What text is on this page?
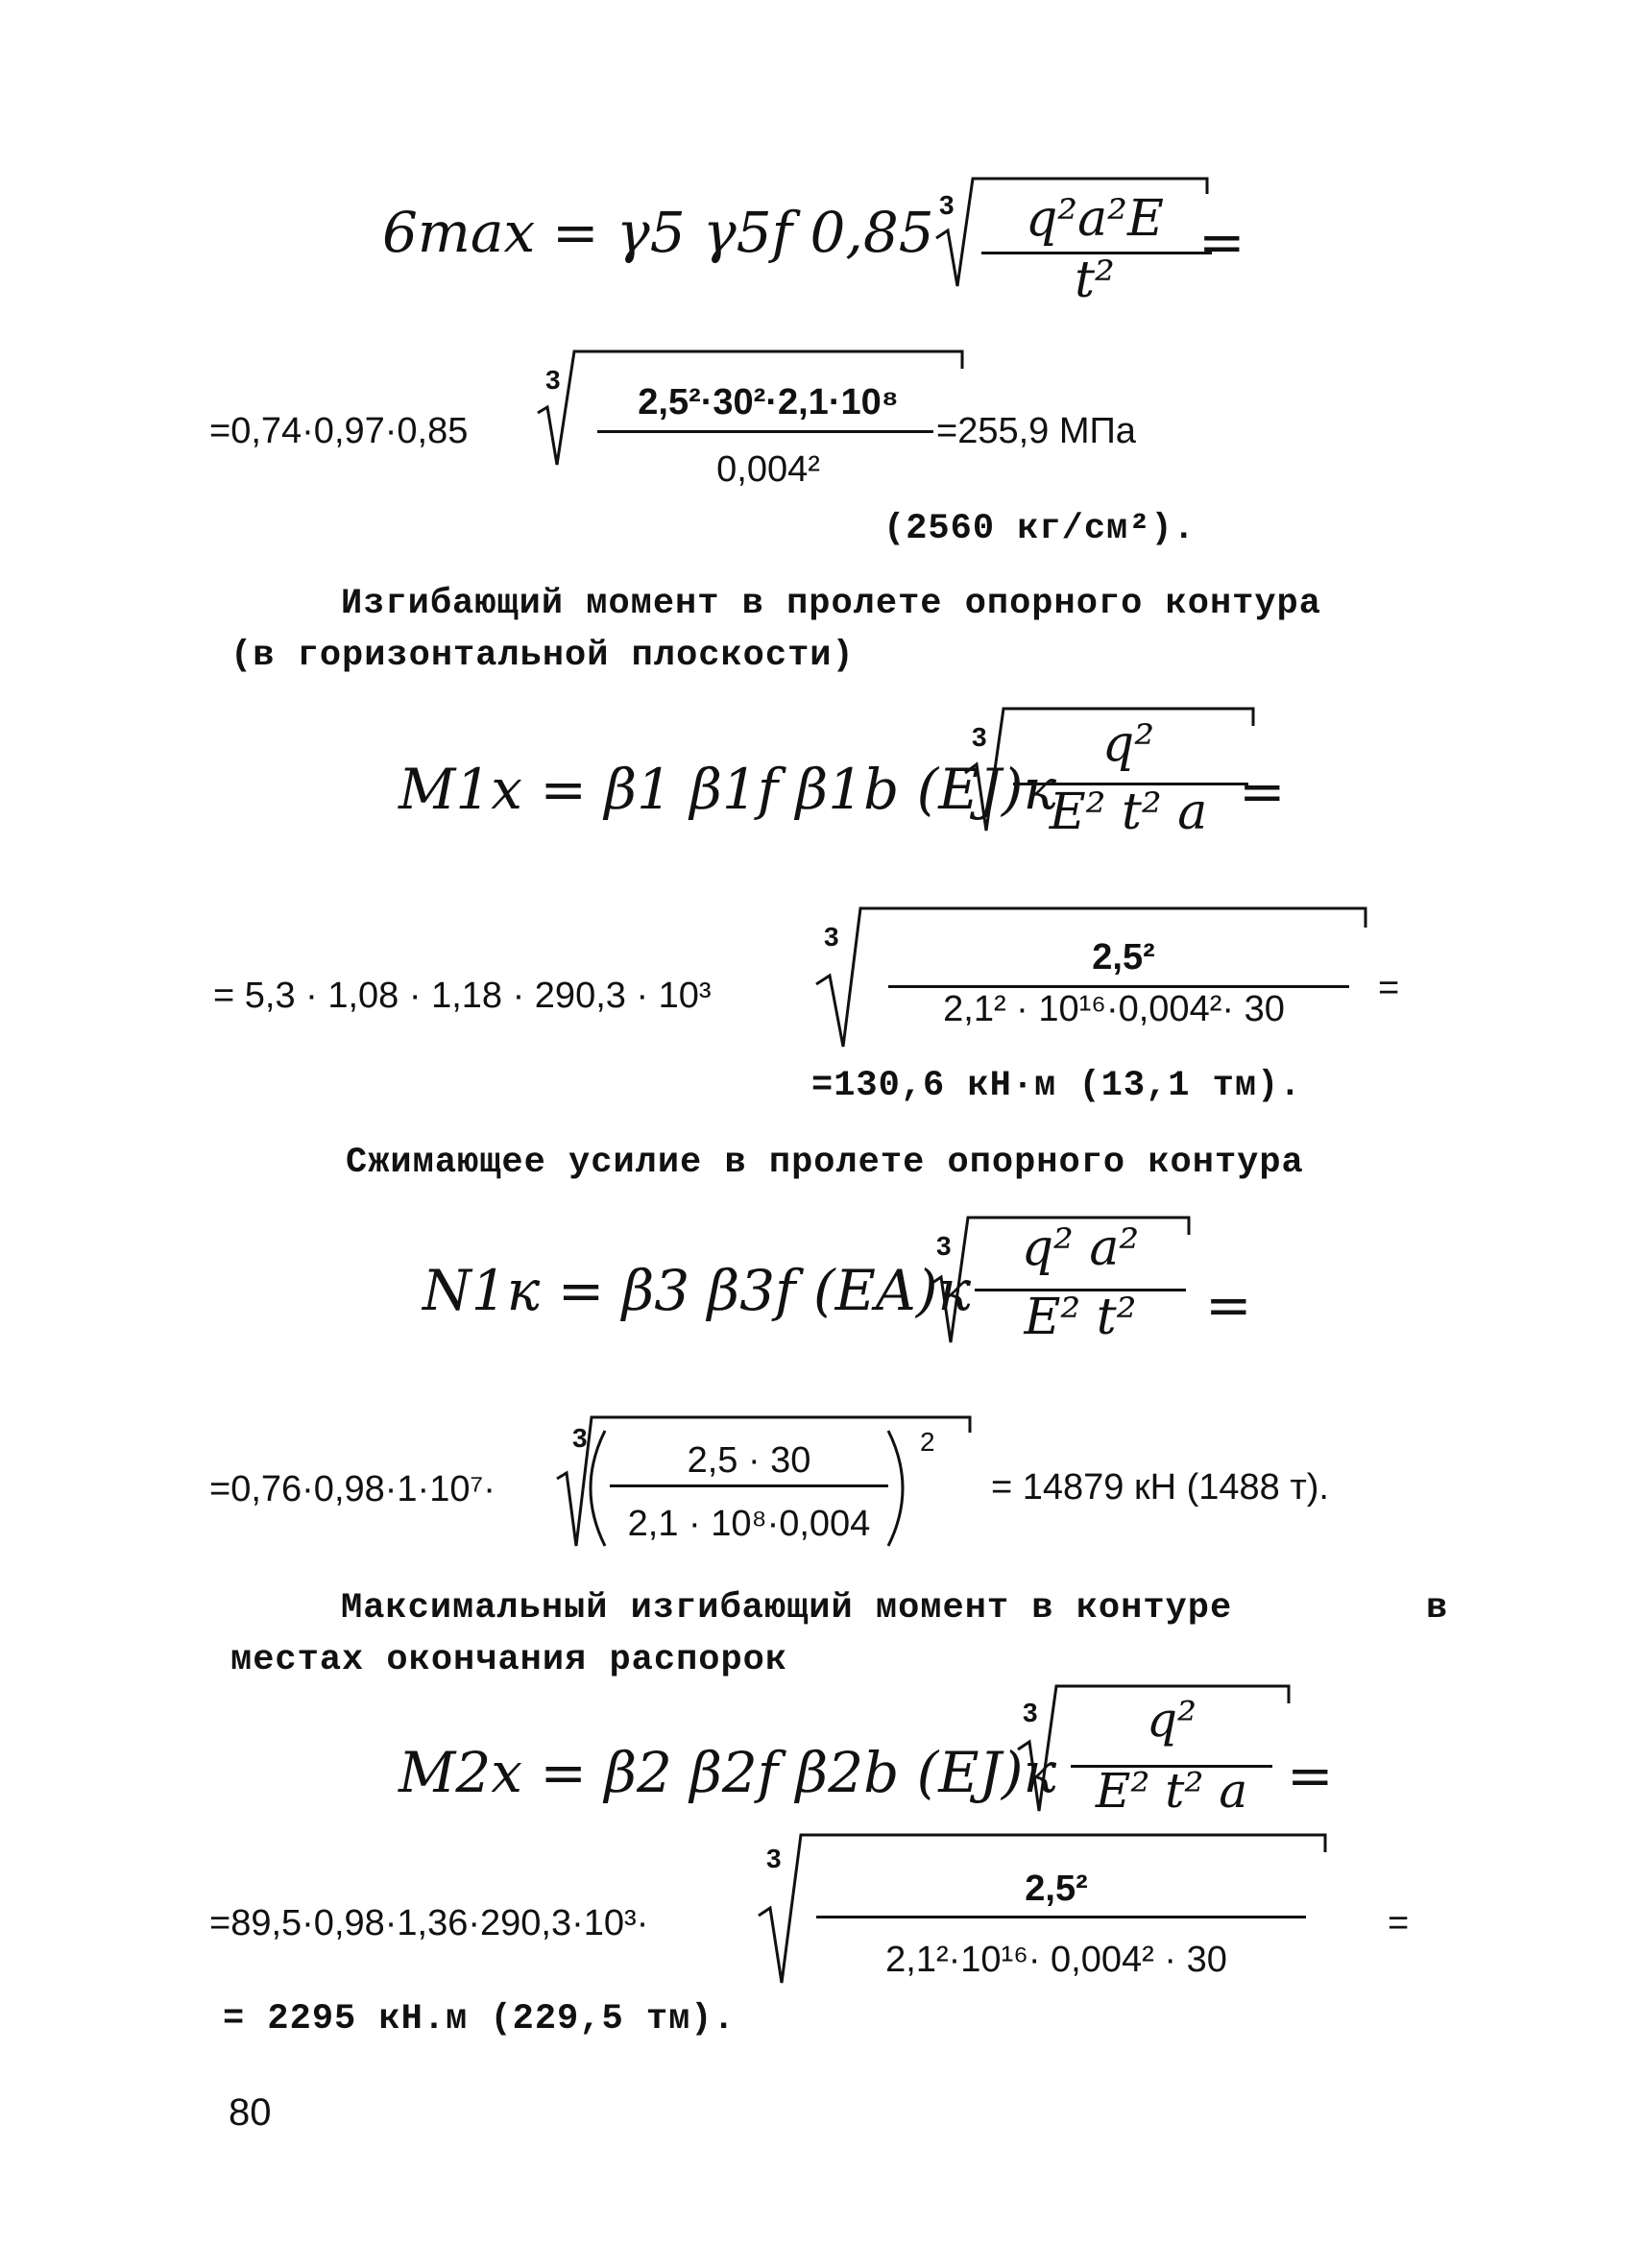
6max = γ5 γ5f 0,85 3	q²a²E
t²
=
=0,74·0,97·0,85
3
2,5²·30²·2,1·10⁸
0,004²
=255,9 МПа
(2560 кг/см²).
Изгибающий момент в пролете опорного контура
(в горизонтальной плоскости)
M1x = β1 β1f β1b (EJ)к
3	q²
E² t² a =
= 5,3 · 1,08 · 1,18 · 290,3 · 10³
3
2,5²
2,1² · 10¹⁶·0,004²· 30
=
=130,6 кН·м (13,1 тм).
Сжимающее усилие в пролете опорного контура
N1к = β3 β3f (EA)к
3	q² a²
E² t²	=
=0,76·0,98·1·10⁷·
3
2,5 · 30
2,1 · 10⁸·0,004
2
= 14879 кН (1488 т).
Максимальный изгибающий момент в контуре	в
местах окончания распорок
M2x = β2 β2f β2b (EJ)к
3	q²
E² t² a =
=89,5·0,98·1,36·290,3·10³·
3
2,5²
2,1²·10¹⁶· 0,004² · 30
=
= 2295 кН.м (229,5 тм).
80
